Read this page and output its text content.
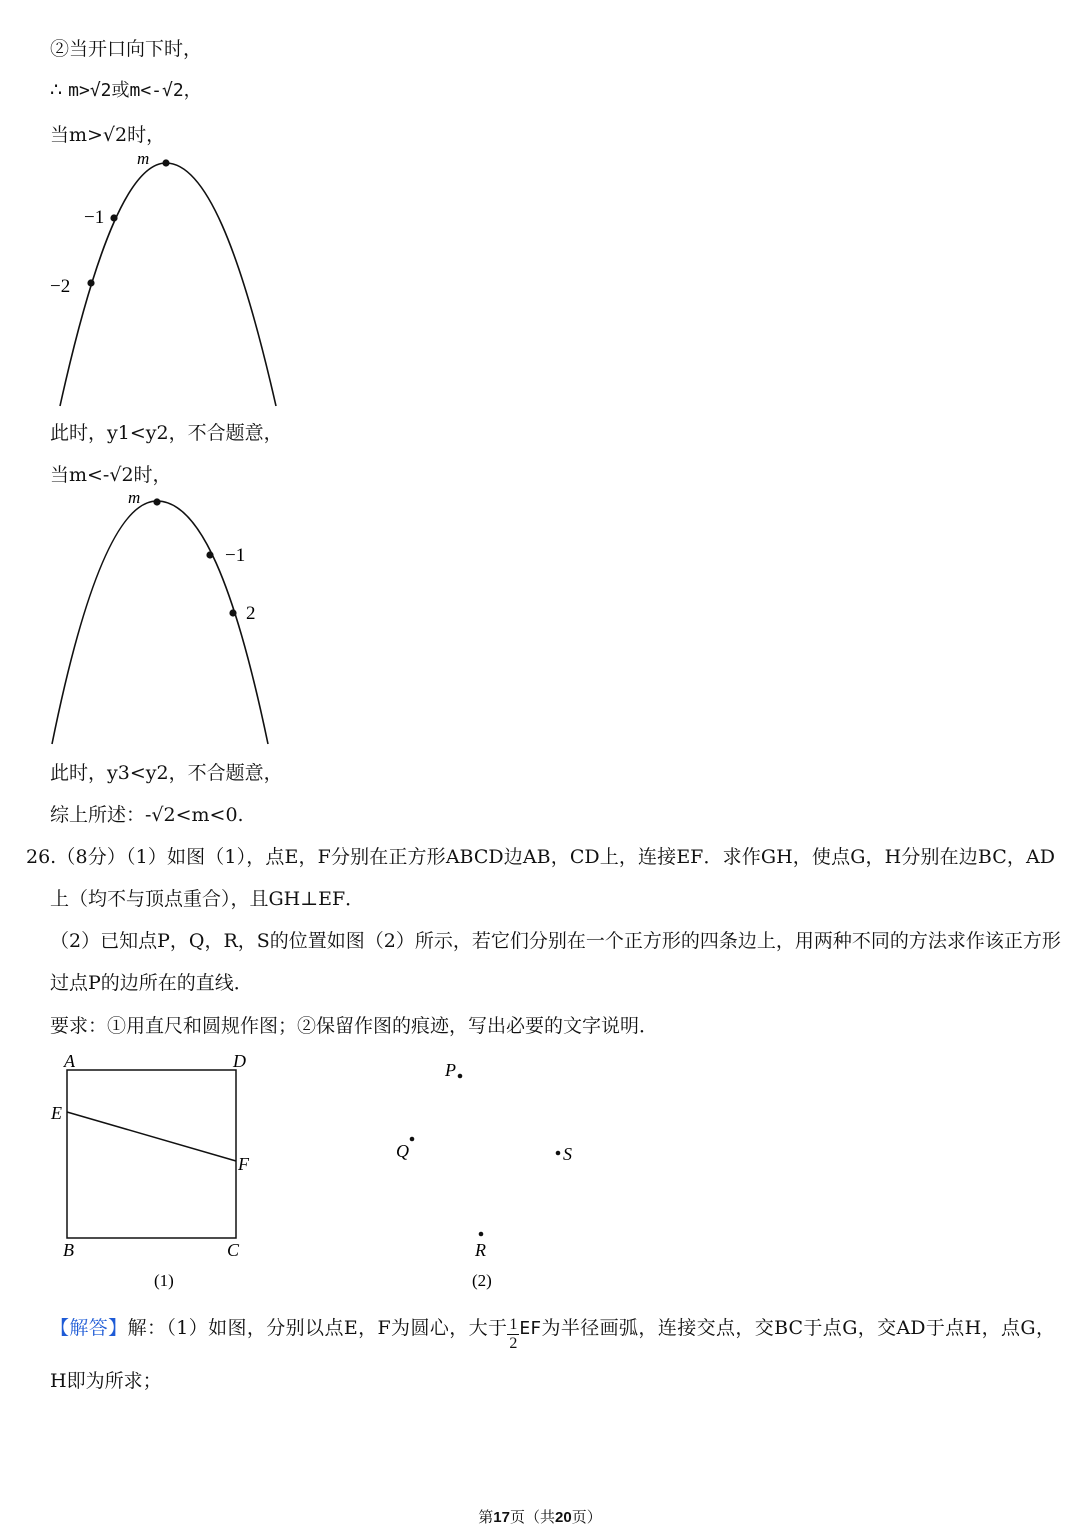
②当开口向下时，
∴ m>√2或m<-√2，
当m>√2时，
m
−1
−2
此时，y1<y2，不合题意，
当m<-√2时，
m
−1
2
此时，y3<y2，不合题意，
综上所述：-√2<m<0.
26.（8分）（1）如图（1），点E，F分别在正方形ABCD边AB，CD上，连接EF．求作GH，使点G，H分别在边BC，AD
上（均不与顶点重合），且GH⊥EF．
（2）已知点P，Q，R，S的位置如图（2）所示，若它们分别在一个正方形的四条边上，用两种不同的方法求作该正方形
过点P的边所在的直线．
要求：①用直尺和圆规作图；②保留作图的痕迹，写出必要的文字说明．
A	D
E
F
B	C
(1)
P
Q	S
R
(2)
【解答】解：（1）如图，分别以点E，F为圆心，大于 $\frac{1}{2}$ EF为半径画弧，连接交点，交BC于点G，交AD于点H，点G，
H即为所求；
第17页（共20页）
